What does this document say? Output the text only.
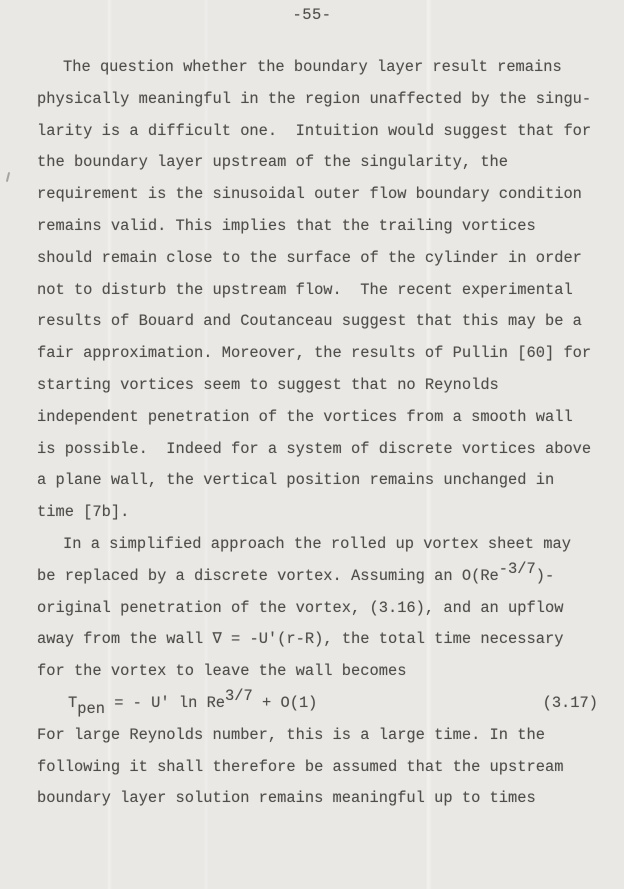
-55-
The question whether the boundary layer result remains
physically meaningful in the region unaffected by the singu-
larity is a difficult one.  Intuition would suggest that for
the boundary layer upstream of the singularity, the
requirement is the sinusoidal outer flow boundary condition
remains valid. This implies that the trailing vortices
should remain close to the surface of the cylinder in order
not to disturb the upstream flow.  The recent experimental
results of Bouard and Coutanceau suggest that this may be a
fair approximation. Moreover, the results of Pullin [60] for
starting vortices seem to suggest that no Reynolds
independent penetration of the vortices from a smooth wall
is possible.  Indeed for a system of discrete vortices above
a plane wall, the vertical position remains unchanged in
time [7b].
In a simplified approach the rolled up vortex sheet may
be replaced by a discrete vortex. Assuming an O(Re-3/7)-
original penetration of the vortex, (3.16), and an upflow
away from the wall ∇ = -U'(r-R), the total time necessary
for the vortex to leave the wall becomes
Tpen = - U' ln Re3/7 + O(1)	(3.17)
For large Reynolds number, this is a large time. In the
following it shall therefore be assumed that the upstream
boundary layer solution remains meaningful up to times
